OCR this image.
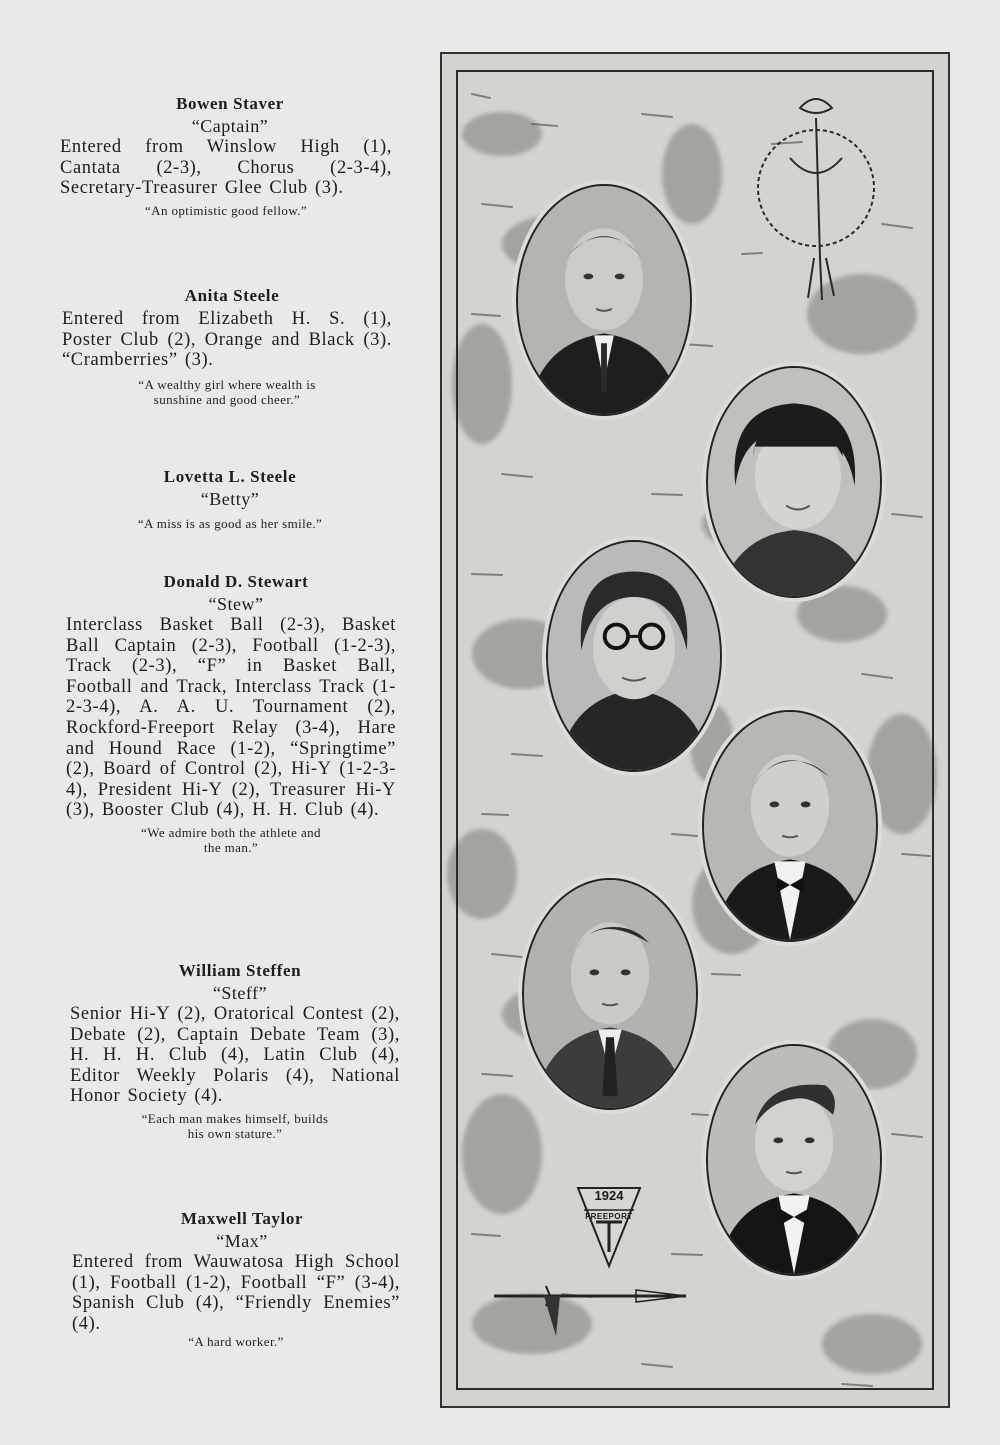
Bowen Staver

“Captain”

Entered from Winslow High (1), Cantata (2-3), Chorus (2-3-4), Secretary-Treasurer Glee Club (3).

“An optimistic good fellow.”

Anita Steele

Entered from Elizabeth H. S. (1), Poster Club (2), Orange and Black (3). “Cramberries” (3).

“A wealthy girl where wealth is
sunshine and good cheer.”

Lovetta L. Steele

“Betty”

“A miss is as good as her smile.”

Donald D. Stewart

“Stew”

Interclass Basket Ball (2-3), Basket Ball Captain (2-3), Football (1-2-3), Track (2-3), “F” in Basket Ball, Football and Track, Interclass Track (1-2-3-4), A. A. U. Tournament (2), Rockford-Freeport Relay (3-4), Hare and Hound Race (1-2), “Springtime” (2), Board of Control (2), Hi-Y (1-2-3-4), President Hi-Y (2), Treasurer Hi-Y (3), Booster Club (4), H. H. Club (4).

“We admire both the athlete and
the man.”

William Steffen

“Steff”

Senior Hi-Y (2), Oratorical Contest (2), Debate (2), Captain Debate Team (3), H. H. H. Club (4), Latin Club (4), Editor Weekly Polaris (4), National Honor Society (4).

“Each man makes himself, builds
his own stature.”

Maxwell Taylor

“Max”

Entered from Wauwatosa High School (1), Football (1-2), Football “F” (3-4), Spanish Club (4), “Friendly Enemies” (4).

“A hard worker.”

1924
FREEPORT
